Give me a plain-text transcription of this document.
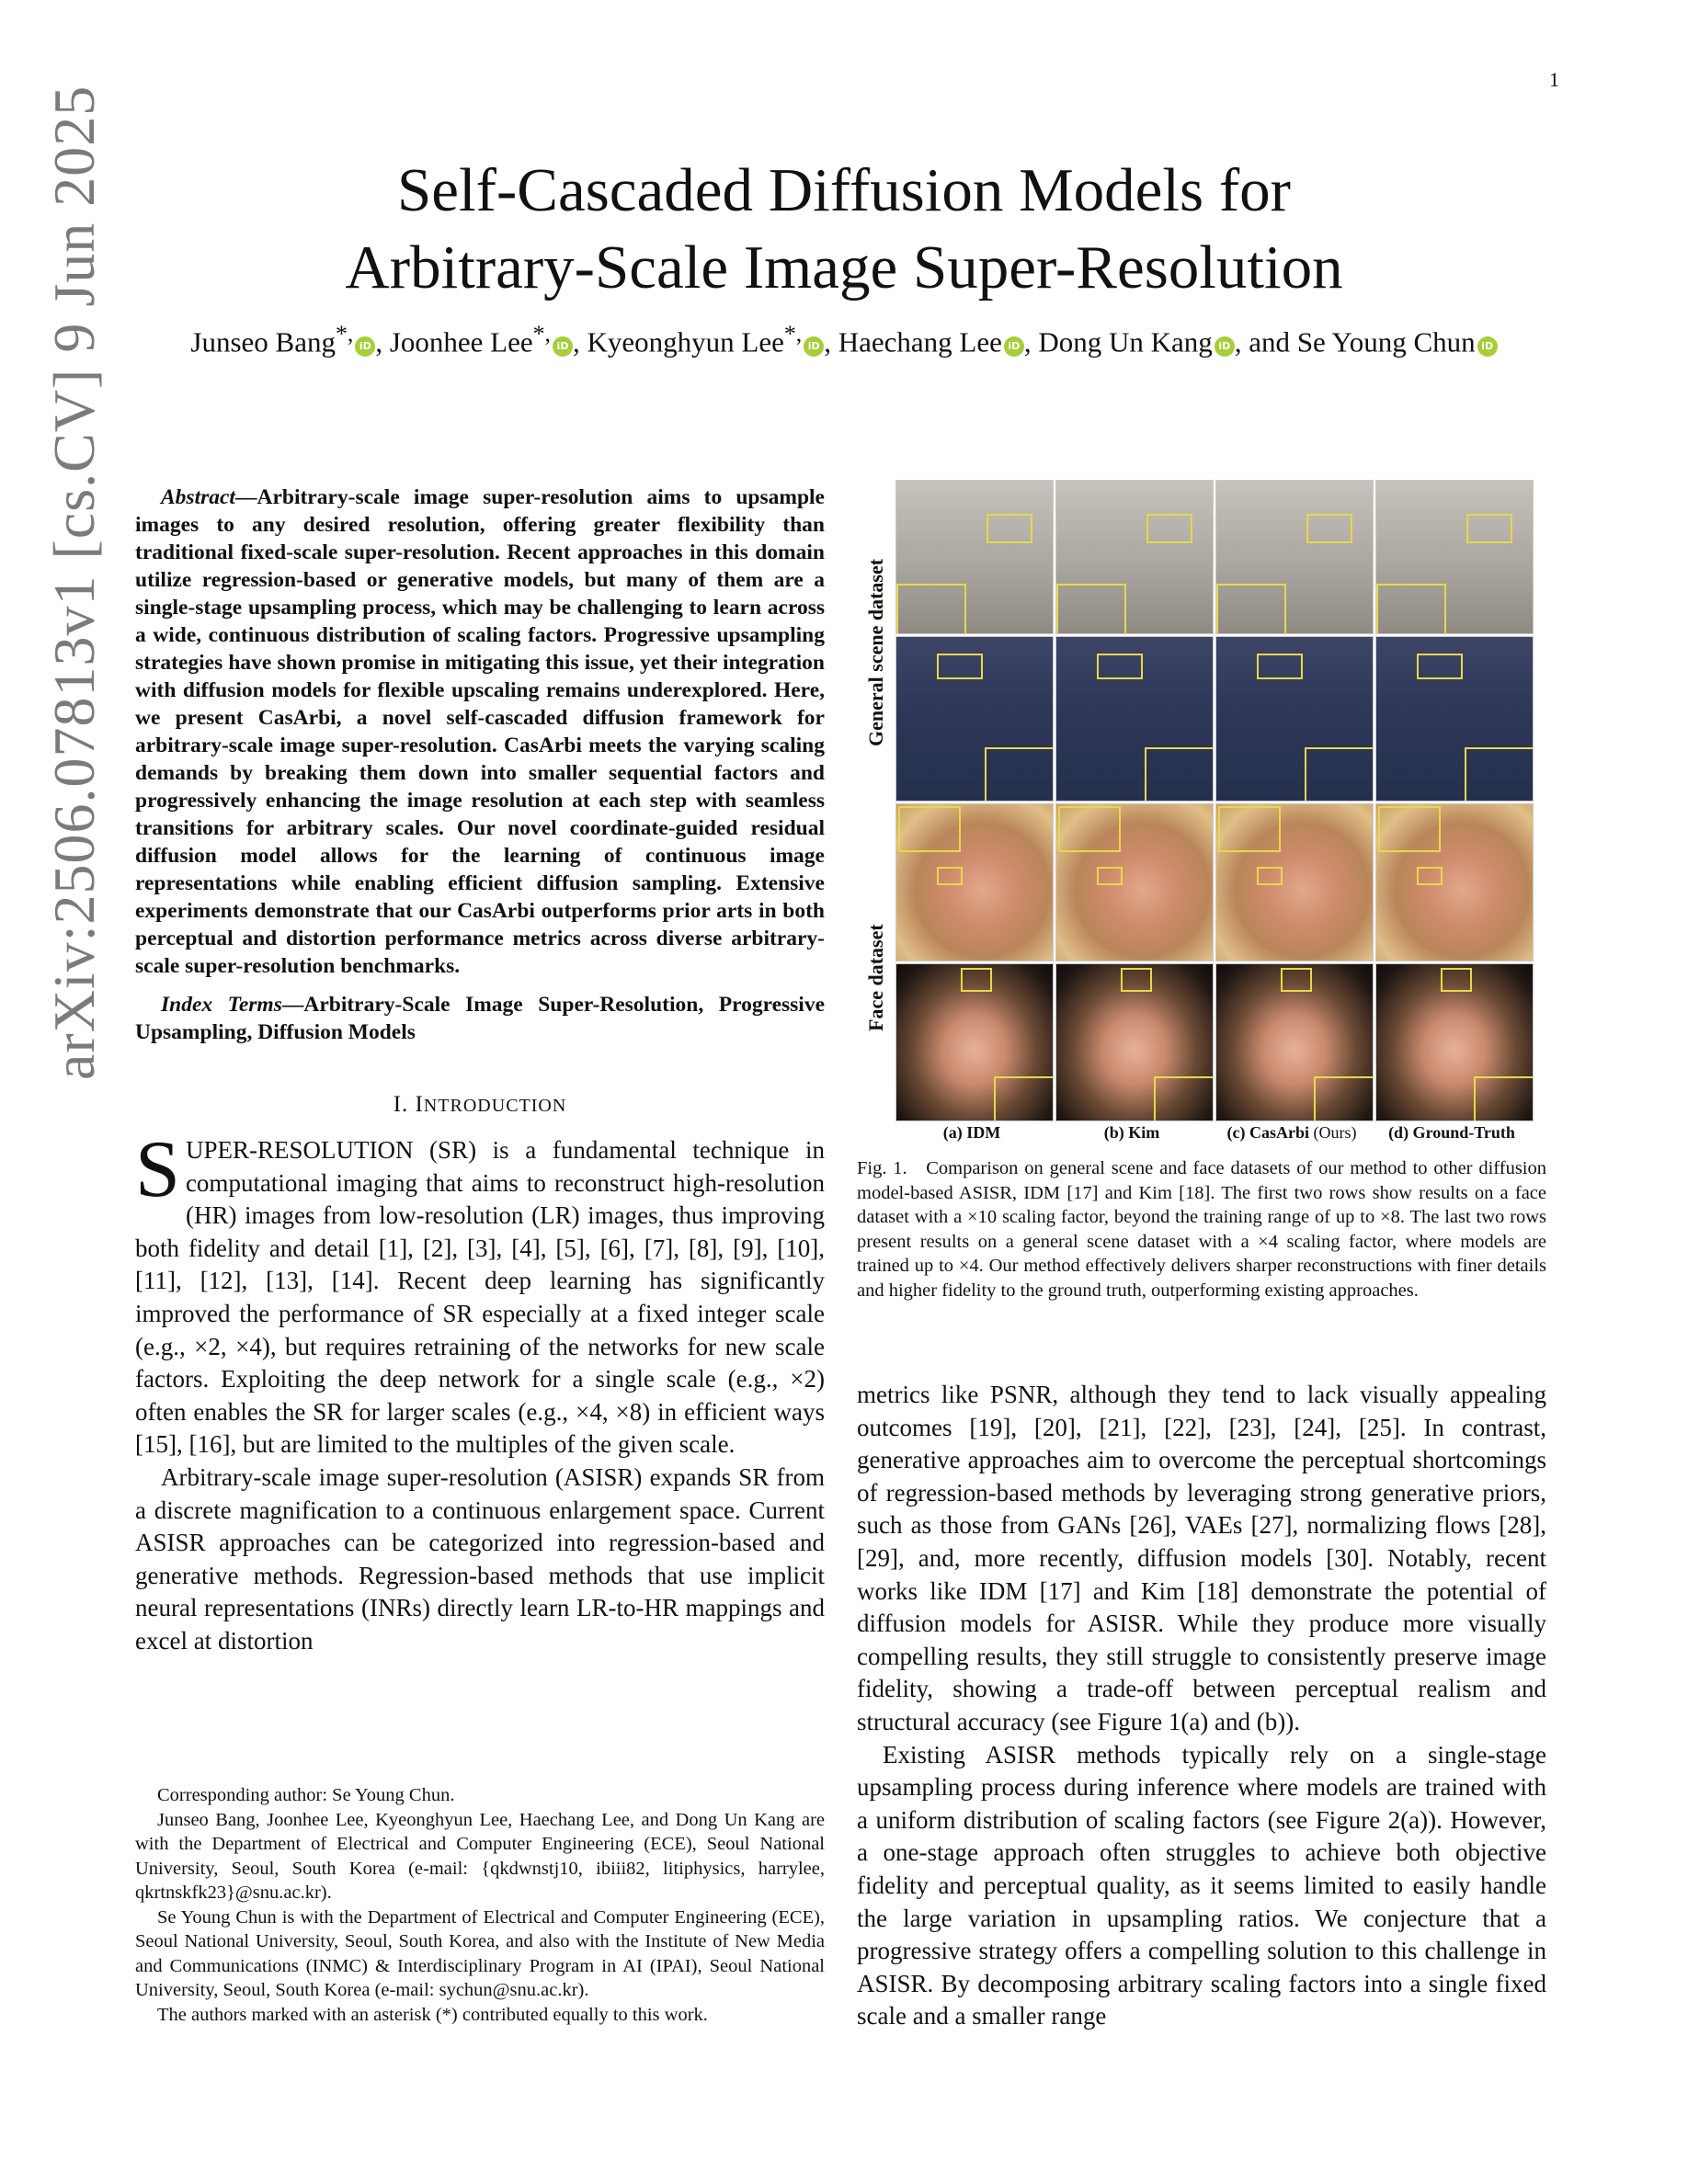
1
Self-Cascaded Diffusion Models for
Arbitrary-Scale Image Super-Resolution
Junseo Bang*, iD , Joonhee Lee*, iD , Kyeonghyun Lee*, iD , Haechang Lee iD , Dong Un Kang iD , and Se Young Chun iD
arXiv:2506.07813v1 [cs.CV] 9 Jun 2025	Abstract—Arbitrary-scale image super-resolution aims to upsample images to any desired resolution, offering greater flexibility than traditional fixed-scale super-resolution. Recent approaches in this domain utilize regression-based or generative models, but many of them are a single-stage upsampling process, which may be challenging to learn across a wide, continuous distribution of scaling factors. Progressive upsampling strategies have shown promise in mitigating this issue, yet their integration with diffusion models for flexible upscaling remains underexplored. Here, we present CasArbi, a novel self-cascaded diffusion framework for arbitrary-scale image super-resolution. CasArbi meets the varying scaling demands by breaking them down into smaller sequential factors and progressively enhancing the image resolution at each step with seamless transitions for arbitrary scales. Our novel coordinate-guided residual diffusion model allows for the learning of continuous image representations while enabling efficient diffusion sampling. Extensive experiments demonstrate that our CasArbi outperforms prior arts in both perceptual and distortion performance metrics across diverse arbitrary-scale super-resolution benchmarks.
Index Terms—Arbitrary-Scale Image Super-Resolution, Progressive Upsampling, Diffusion Models
I. INTRODUCTION

SUPER-RESOLUTION (SR) is a fundamental technique in computational imaging that aims to reconstruct high-resolution (HR) images from low-resolution (LR) images, thus improving both fidelity and detail [1], [2], [3], [4], [5], [6], [7], [8], [9], [10], [11], [12], [13], [14]. Recent deep learning has significantly improved the performance of SR especially at a fixed integer scale (e.g., ×2, ×4), but requires retraining of the networks for new scale factors. Exploiting the deep network for a single scale (e.g., ×2) often enables the SR for larger scales (e.g., ×4, ×8) in efficient ways [15], [16], but are limited to the multiples of the given scale.

Arbitrary-scale image super-resolution (ASISR) expands SR from a discrete magnification to a continuous enlargement space. Current ASISR approaches can be categorized into regression-based and generative methods. Regression-based methods that use implicit neural representations (INRs) directly learn LR-to-HR mappings and excel at distortion

Corresponding author: Se Young Chun.

Junseo Bang, Joonhee Lee, Kyeonghyun Lee, Haechang Lee, and Dong Un Kang are with the Department of Electrical and Computer Engineering (ECE), Seoul National University, Seoul, South Korea (e-mail: {qkdwnstj10, ibiii82, litiphysics, harrylee, qkrtnskfk23}@snu.ac.kr).

Se Young Chun is with the Department of Electrical and Computer Engineering (ECE), Seoul National University, Seoul, South Korea, and also with the Institute of New Media and Communications (INMC) & Interdisciplinary Program in AI (IPAI), Seoul National University, Seoul, South Korea (e-mail: sychun@snu.ac.kr).

The authors marked with an asterisk (*) contributed equally to this work.

General scene dataset
Face dataset
(a) IDM	(b) Kim	(c) CasArbi (Ours)	(d) Ground-Truth
Fig. 1. Comparison on general scene and face datasets of our method to other diffusion model-based ASISR, IDM [17] and Kim [18]. The first two rows show results on a face dataset with a ×10 scaling factor, beyond the training range of up to ×8. The last two rows present results on a general scene dataset with a ×4 scaling factor, where models are trained up to ×4. Our method effectively delivers sharper reconstructions with finer details and higher fidelity to the ground truth, outperforming existing approaches.

metrics like PSNR, although they tend to lack visually appealing outcomes [19], [20], [21], [22], [23], [24], [25]. In contrast, generative approaches aim to overcome the perceptual shortcomings of regression-based methods by leveraging strong generative priors, such as those from GANs [26], VAEs [27], normalizing flows [28], [29], and, more recently, diffusion models [30]. Notably, recent works like IDM [17] and Kim [18] demonstrate the potential of diffusion models for ASISR. While they produce more visually compelling results, they still struggle to consistently preserve image fidelity, showing a trade-off between perceptual realism and structural accuracy (see Figure 1(a) and (b)).

Existing ASISR methods typically rely on a single-stage upsampling process during inference where models are trained with a uniform distribution of scaling factors (see Figure 2(a)). However, a one-stage approach often struggles to achieve both objective fidelity and perceptual quality, as it seems limited to easily handle the large variation in upsampling ratios. We conjecture that a progressive strategy offers a compelling solution to this challenge in ASISR. By decomposing arbitrary scaling factors into a single fixed scale and a smaller range
